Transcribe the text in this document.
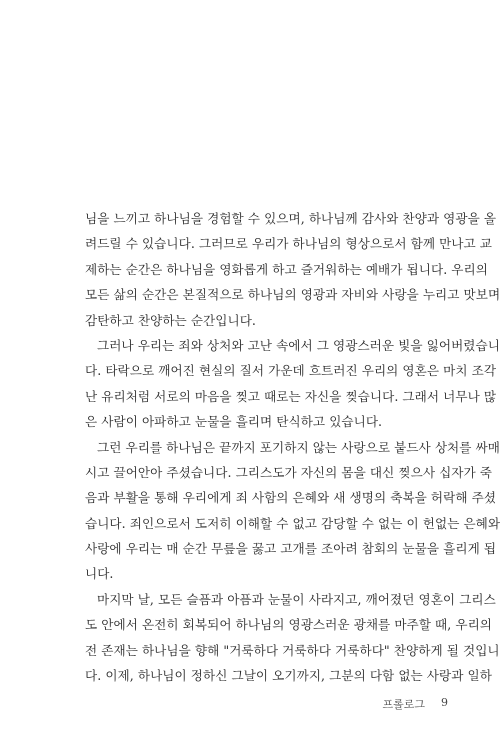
님을 느끼고 하나님을 경험할 수 있으며, 하나님께 감사와 찬양과 영광을 올
려드릴 수 있습니다. 그러므로 우리가 하나님의 형상으로서 함께 만나고 교
제하는 순간은 하나님을 영화롭게 하고 즐거워하는 예배가 됩니다. 우리의
모든 삶의 순간은 본질적으로 하나님의 영광과 자비와 사랑을 누리고 맛보며
감탄하고 찬양하는 순간입니다.
그러나 우리는 죄와 상처와 고난 속에서 그 영광스러운 빛을 잃어버렸습니
다. 타락으로 깨어진 현실의 질서 가운데 흐트러진 우리의 영혼은 마치 조각
난 유리처럼 서로의 마음을 찢고 때로는 자신을 찢습니다. 그래서 너무나 많
은 사람이 아파하고 눈물을 흘리며 탄식하고 있습니다.
그런 우리를 하나님은 끝까지 포기하지 않는 사랑으로 붙드사 상처를 싸매
시고 끌어안아 주셨습니다. 그리스도가 자신의 몸을 대신 찢으사 십자가 죽
음과 부활을 통해 우리에게 죄 사함의 은혜와 새 생명의 축복을 허락해 주셨
습니다. 죄인으로서 도저히 이해할 수 없고 감당할 수 없는 이 헌없는 은혜와
사랑에 우리는 매 순간 무릎을 꿇고 고개를 조아려 참회의 눈물을 흘리게 됩
니다.
마지막 날, 모든 슬픔과 아픔과 눈물이 사라지고, 깨어졌던 영혼이 그리스
도 안에서 온전히 회복되어 하나님의 영광스러운 광채를 마주할 때, 우리의
전 존재는 하나님을 향해 "거룩하다 거룩하다 거룩하다" 찬양하게 될 것입니
다. 이제, 하나님이 정하신 그날이 오기까지, 그분의 다함 없는 사랑과 일하
프롤로그 9
